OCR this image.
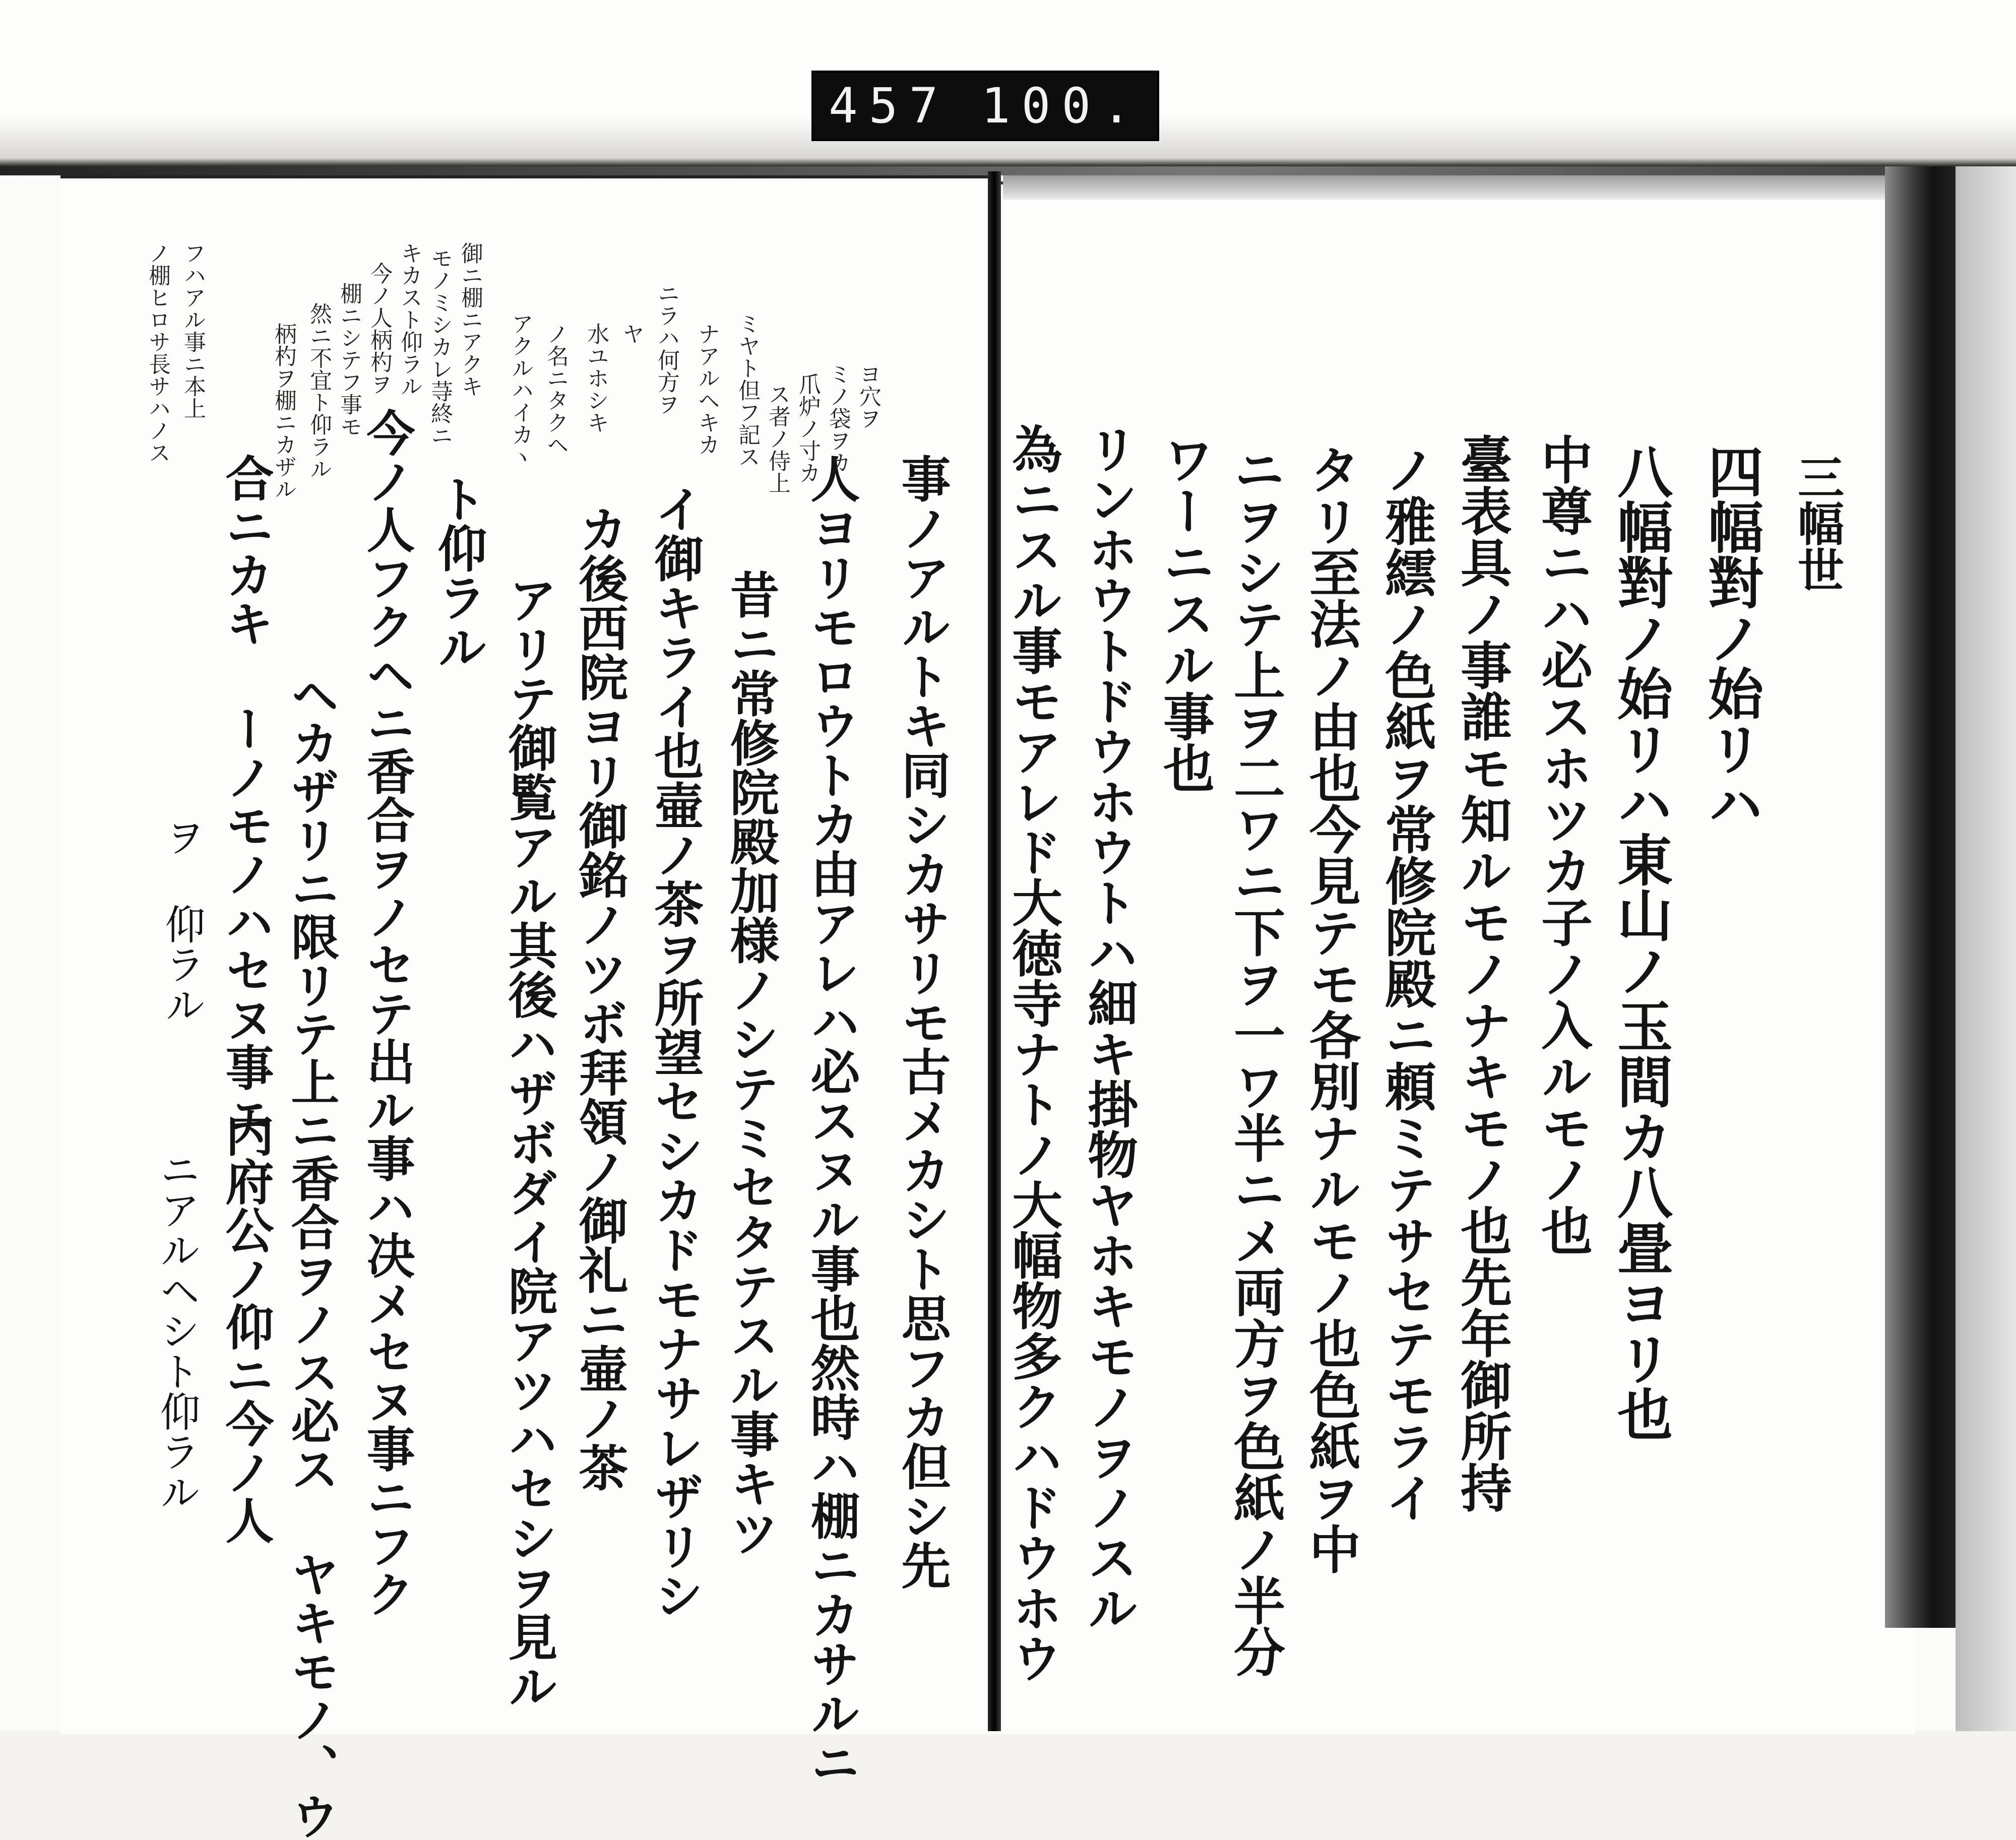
457 100.
三幅世
四幅對ノ始リハ
八幅對ノ始リハ東山ノ玉間カ八畳ヨリ也
中尊ニハ必スホツカ子ノ入ルモノ也
臺表具ノ事誰モ知ルモノナキモノ也先年御所持
ノ雅繧ノ色紙ヲ常修院殿ニ頼ミテサセテモライ
タリ至法ノ由也今見テモ各別ナルモノ也色紙ヲ中
ニヲシテ上ヲ二ワニ下ヲ一ワ半ニメ両方ヲ色紙ノ半分
ワーニスル事也
リンホウトドウホウトハ細キ掛物ヤホキモノヲノスル
為ニスル事モアレド大徳寺ナトノ大幅物多クハドウホウ
事ノアルトキ同シカサリモ古メカシト思フカ但シ先
人ヨリモロウトカ由アレハ必スヌル事也然時ハ棚ニカサルニ
昔ニ常修院殿加様ノシテミセタテスル事キツ
イ御キライ也壷ノ茶ヲ所望セシカドモナサレザリシ
カ後西院ヨリ御銘ノツボ拜領ノ御礼ニ壷ノ茶
アリテ御覧アル其後ハザボダイ院アツハセシヲ見ル
ト仰ラル
今ノ人フクヘニ香合ヲノセテ出ル事ハ决メセヌ事ニフク
ヘカザリニ限リテ上ニ香合ヲノス必ス ヤキモノ、ウ
合ニカキ ーノモノハセヌ事ニ
内府公ノ仰ニ今ノ人
ヨ穴ヲ
ミノ袋ヲカ
爪炉ノ寸カ
ス者ノ侍上
ミヤト但フ記ス
ナアルヘキカ
ニラハ何方ヲ
ヤ
水ユホシキ
ノ名ニタクヘ
アクルハイカヽ
御ニ棚ニアクキ
モノミシカレ䒭終ニ
キカスト仰ラル
今ノ人柄杓ヲ
棚ニシテフ事モ
然ニ不宜ト仰ラル
柄杓ヲ棚ニカザル
フハアル事ニ本上
ノ棚ヒロサ長サハノス
ヲ 仰ラル
ニアルヘシト仰ラル
